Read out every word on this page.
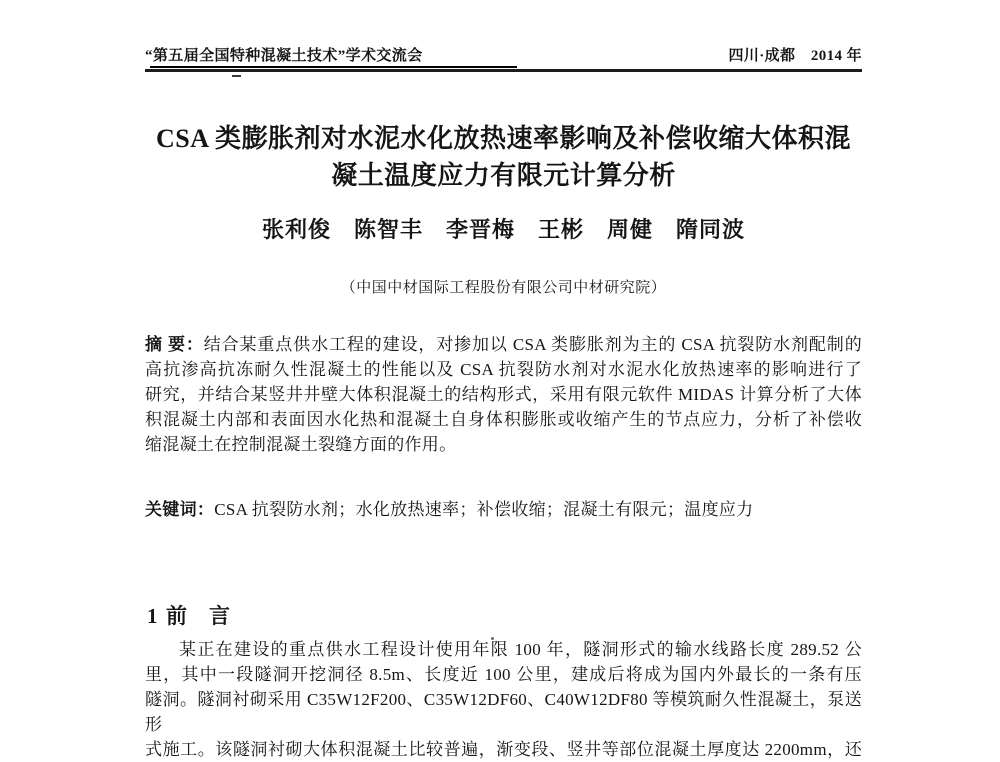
“第五届全国特种混凝土技术”学术交流会	四川·成都　2014 年
CSA 类膨胀剂对水泥水化放热速率影响及补偿收缩大体积混
凝土温度应力有限元计算分析
张利俊　陈智丰　李晋梅　王彬　周健　隋同波
（中国中材国际工程股份有限公司中材研究院）
摘 要：结合某重点供水工程的建设，对掺加以 CSA 类膨胀剂为主的 CSA 抗裂防水剂配制的
高抗渗高抗冻耐久性混凝土的性能以及 CSA 抗裂防水剂对水泥水化放热速率的影响进行了
研究，并结合某竖井井壁大体积混凝土的结构形式，采用有限元软件 MIDAS 计算分析了大体
积混凝土内部和表面因水化热和混凝土自身体积膨胀或收缩产生的节点应力，分析了补偿收
缩混凝土在控制混凝土裂缝方面的作用。
关键词：CSA 抗裂防水剂；水化放热速率；补偿收缩；混凝土有限元；温度应力
1 前　言
某正在建设的重点供水工程设计使用年限 100 年，隧洞形式的输水线路长度 289.52 公
里，其中一段隧洞开挖洞径 8.5m、长度近 100 公里，建成后将成为国内外最长的一条有压
隧洞。隧洞衬砌采用 C35W12F200、C35W12DF60、C40W12DF80 等模筑耐久性混凝土，泵送形
式施工。该隧洞衬砌大体积混凝土比较普遍，渐变段、竖井等部位混凝土厚度达 2200mm，还
